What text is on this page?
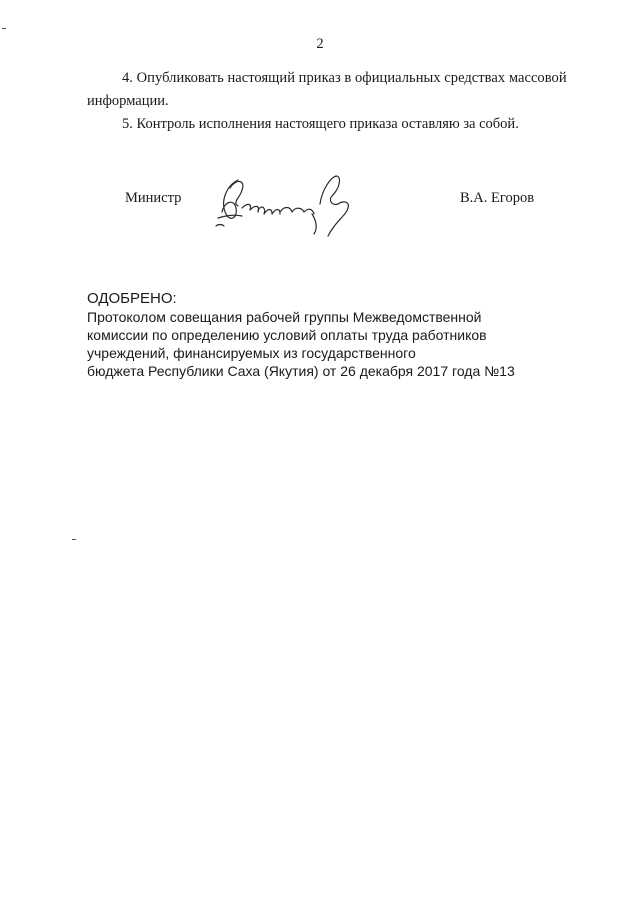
2
4. Опубликовать настоящий приказ в официальных средствах массовой
информации.
5. Контроль исполнения настоящего приказа оставляю за собой.
Министр	В.А. Егоров
ОДОБРЕНО:
Протоколом совещания рабочей группы Межведомственной
комиссии по определению условий оплаты труда работников
учреждений, финансируемых из государственного
бюджета Республики Саха (Якутия) от 26 декабря 2017 года №13
